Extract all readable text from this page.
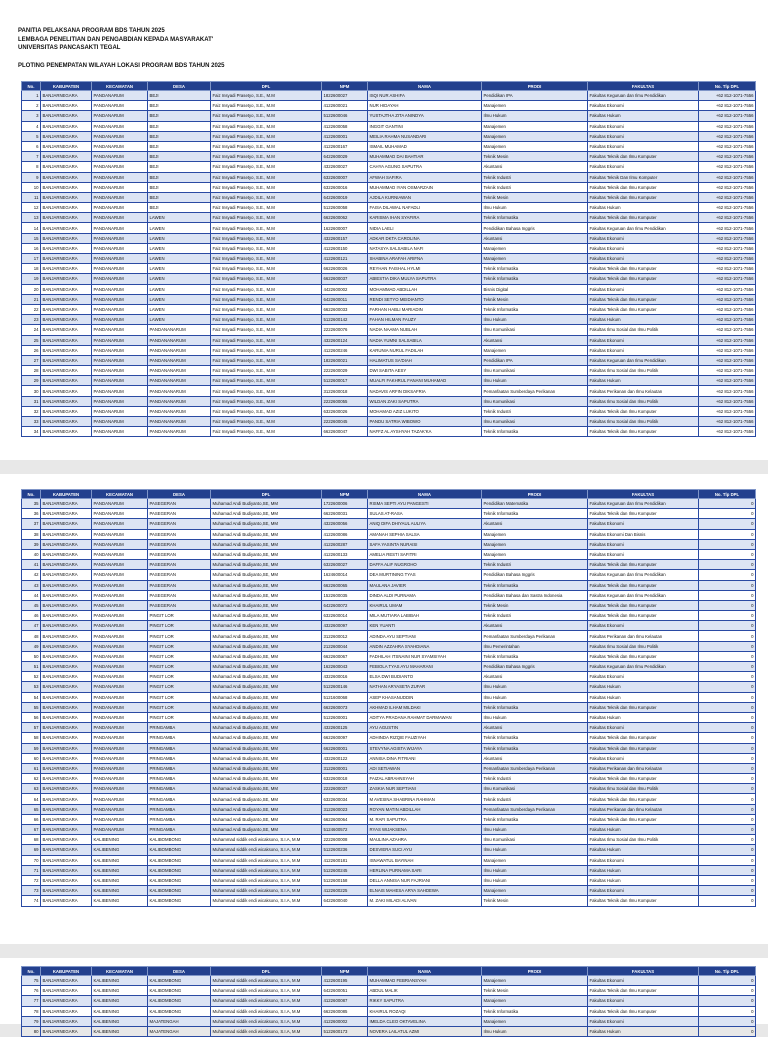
PANITIA PELAKSANA PROGRAM BDS TAHUN 2025
LEMBAGA PENELITIAN DAN PENGABDIAN KEPADA MASYARAKAT'
UNIVERSITAS PANCASAKTI TEGAL
PLOTING PENEMPATAN WILAYAH LOKASI PROGRAM BDS TAHUN 2025
No.	KABUPATEN	KECAMATAN	DESA	DPL	NPM	NAMA	PRODI	FAKULTAS	No. Tlp DPL
1	BANJARNEGARA	PANDANARUM	BEJI	Faiz Insyadi Prasetyo, S.E., M.M	1822600027	ISQI NUR ASHIFA	Pendidikan IPA	Fakultas Keguruan dan Ilmu Pendidikan	+62 812-1071-7556
2	BANJARNEGARA	PANDANARUM	BEJI	Faiz Insyadi Prasetyo, S.E., M.M	4122600021	NUR HIDAYAH	Manajemen	Fakultas Ekonomi	+62 812-1071-7556
3	BANJARNEGARA	PANDANARUM	BEJI	Faiz Insyadi Prasetyo, S.E., M.M	5122600046	YUSTAJTHA ZITA ANINDYA	Ilmu Hukum	Fakultas Hukum	+62 812-1071-7556
4	BANJARNEGARA	PANDANARUM	BEJI	Faiz Insyadi Prasetyo, S.E., M.M	4122600058	INGGIT GANTINI	Manajemen	Fakultas Ekonomi	+62 812-1071-7556
5	BANJARNEGARA	PANDANARUM	BEJI	Faiz Insyadi Prasetyo, S.E., M.M	4122600001	MEILIA RAHMA NUSANDARI	Manajemen	Fakultas Ekonomi	+62 812-1071-7556
6	BANJARNEGARA	PANDANARUM	BEJI	Faiz Insyadi Prasetyo, S.E., M.M	4122600167	ISMAIL MUHAMAD	Manajemen	Fakultas Ekonomi	+62 812-1071-7556
7	BANJARNEGARA	PANDANARUM	BEJI	Faiz Insyadi Prasetyo, S.E., M.M	6422600029	MUHAMMAD DAI BAHTIAR	Teknik Mesin	Fakultas Teknik dan Ilmu Komputer	+62 812-1071-7556
8	BANJARNEGARA	PANDANARUM	BEJI	Faiz Insyadi Prasetyo, S.E., M.M	4322600027	CAHYA AGUNG SAPUTRA	Akuntansi	Fakultas Ekonomi	+62 812-1071-7556
9	BANJARNEGARA	PANDANARUM	BEJI	Faiz Insyadi Prasetyo, S.E., M.M	6322600007	AFWAH SAFIRA	Teknik Industri	Fakultas Teknik Dan Ilmu Komputer	+62 812-1071-7556
10	BANJARNEGARA	PANDANARUM	BEJI	Faiz Insyadi Prasetyo, S.E., M.M	6322600016	MUHAMMAD IYAN OSMARZAIN	Teknik Industri	Fakultas Teknik dan Ilmu Komputer	+62 812-1071-7556
11	BANJARNEGARA	PANDANARUM	BEJI	Faiz Insyadi Prasetyo, S.E., M.M	6422600019	AJDILA KURNIAWAN	Teknik Mesin	Fakultas Teknik dan Ilmu Komputer	+62 812-1071-7556
12	BANJARNEGARA	PANDANARUM	BEJI	Faiz Insyadi Prasetyo, S.E., M.M	5122600058	FAISA DILAWAL NAFADLI	Ilmu Hukum	Fakultas Hukum	+62 812-1071-7556
13	BANJARNEGARA	PANDANARUM	LAWEN	Faiz Insyadi Prasetyo, S.E., M.M	6622600062	KARISMA IHAN SYAFIRA	Teknik Informatika	Fakultas Teknik dan Ilmu Komputer	+62 812-1071-7556
14	BANJARNEGARA	PANDANARUM	LAWEN	Faiz Insyadi Prasetyo, S.E., M.M	1622600007	NIDIA LAELI	Pendidikan Bahasa Inggris	Fakultas Keguruan dan Ilmu Pendidikan	+62 812-1071-7556
15	BANJARNEGARA	PANDANARUM	LAWEN	Faiz Insyadi Prasetyo, S.E., M.M	4322600157	ADKAR DKTA CAROLINA	Akuntansi	Fakultas Ekonomi	+62 812-1071-7556
16	BANJARNEGARA	PANDANARUM	LAWEN	Faiz Insyadi Prasetyo, S.E., M.M	4122600150	NATASYA SALSABILA NAFI	Manajemen	Fakultas Ekonomi	+62 812-1071-7556
17	BANJARNEGARA	PANDANARUM	LAWEN	Faiz Insyadi Prasetyo, S.E., M.M	4122600121	SHABINA ARAFAH ARIFNA	Manajemen	Fakultas Ekonomi	+62 812-1071-7556
18	BANJARNEGARA	PANDANARUM	LAWEN	Faiz Insyadi Prasetyo, S.E., M.M	6622600026	REYHAN FAISHAL HYLMI	Teknik Informatika	Fakultas Teknik dan Ilmu Komputer	+62 812-1071-7556
19	BANJARNEGARA	PANDANARUM	LAWEN	Faiz Insyadi Prasetyo, S.E., M.M	6622600037	ABIESTIA DIKA MULYA SAPUTRA	Teknik Informatika	Fakultas Teknik dan Ilmu Komputer	+62 812-1071-7556
20	BANJARNEGARA	PANDANARUM	LAWEN	Faiz Insyadi Prasetyo, S.E., M.M	4422600002	MOHAMMAD ABDILLAH	Bisnis Digital	Fakultas Ekonomi	+62 812-1071-7556
21	BANJARNEGARA	PANDANARUM	LAWEN	Faiz Insyadi Prasetyo, S.E., M.M	6422600011	RENDI SETYO MEIDIANTO	Teknik Mesin	Fakultas Teknik dan Ilmu Komputer	+62 812-1071-7556
22	BANJARNEGARA	PANDANARUM	LAWEN	Faiz Insyadi Prasetyo, S.E., M.M	6622600033	FARHAN HABLI MARIADIN	Teknik Informatika	Fakultas Teknik dan Ilmu Komputer	+62 812-1071-7556
23	BANJARNEGARA	PANDANARUM	LAWEN	Faiz Insyadi Prasetyo, S.E., M.M	5122600142	FAHAN HILMAN FAUZY	Ilmu Hukum	Fakultas Hukum	+62 812-1071-7556
24	BANJARNEGARA	PANDANARUM	PANDANANARUM	Faiz Insyadi Prasetyo, S.E., M.M	2222600076	NADIA NAAMA NUBLAH	Ilmu Komunikasi	Fakultas Ilmu Sosial dan Ilmu Politik	+62 812-1071-7556
25	BANJARNEGARA	PANDANARUM	PANDANANARUM	Faiz Insyadi Prasetyo, S.E., M.M	4322600124	NADIA YUMNI SALSABILA	Akuntansi	Fakultas Ekonomi	+62 812-1071-7556
26	BANJARNEGARA	PANDANARUM	PANDANANARUM	Faiz Insyadi Prasetyo, S.E., M.M	4122600246	KARUNIA NURUL FADILAH	Manajemen	Fakultas Ekonomi	+62 812-1071-7556
27	BANJARNEGARA	PANDANARUM	PANDANANARUM	Faiz Insyadi Prasetyo, S.E., M.M	1822600021	HALIMATUS SA'DIAH	Pendidikan IPA	Fakultas Keguruan dan Ilmu Pendidikan	+62 812-1071-7556
28	BANJARNEGARA	PANDANARUM	PANDANANARUM	Faiz Insyadi Prasetyo, S.E., M.M	2222600029	DWI SABITA AESY	Ilmu Komunikasi	Fakultas Ilmu Sosial dan Ilmu Politik	+62 812-1071-7556
29	BANJARNEGARA	PANDANARUM	PANDANANARUM	Faiz Insyadi Prasetyo, S.E., M.M	5122600017	MUALFI FAKHRUL FANANI MUHAMAD	Ilmu Hukum	Fakultas Hukum	+62 812-1071-7556
30	BANJARNEGARA	PANDANARUM	PANDANANARUM	Faiz Insyadi Prasetyo, S.E., M.M	3122600018	NADAVIS ARFIN DIKSAFRIA	Pemanfaatan Sumberdaya Perikanan	Fakultas Perikanan dan Ilmu Kelautan	+62 812-1071-7556
31	BANJARNEGARA	PANDANARUM	PANDANANARUM	Faiz Insyadi Prasetyo, S.E., M.M	2222600055	WILDAN ZAKI SAPUTRA	Ilmu Komunikasi	Fakultas Ilmu Sosial dan Ilmu Politik	+62 812-1071-7556
32	BANJARNEGARA	PANDANARUM	PANDANANARUM	Faiz Insyadi Prasetyo, S.E., M.M	6322600026	MOHAMAD AZIZ LUKITO	Teknik Industri	Fakultas Teknik dan Ilmu Komputer	+62 812-1071-7556
33	BANJARNEGARA	PANDANARUM	PANDANANARUM	Faiz Insyadi Prasetyo, S.E., M.M	2222600045	PANDU SATRIA WIBOWO	Ilmu Komunikasi	Fakultas Ilmu Sosial dan Ilmu Politik	+62 812-1071-7556
34	BANJARNEGARA	PANDANARUM	PANDANANARUM	Faiz Insyadi Prasetyo, S.E., M.M	6622600047	NAFFZ AL AYSHYAH TAZAK'KA	Teknik Informatika	Fakultas Teknik dan Ilmu Komputer	+62 812-1071-7556
No.	KABUPATEN	KECAMATAN	DESA	DPL	NPM	NAMA	PRODI	FAKULTAS	No. Tlp DPL
35	BANJARNEGARA	PANDANARUM	PASEGERAN	Muhamad Andi Budiyanto,SE, MM	1722600006	RISMA SEPTI AYU PANGESTI	Pendidikan Matematika	Fakultas Keguruan dan Ilmu Pendidikan	0
36	BANJARNEGARA	PANDANARUM	PASEGERAN	Muhamad Andi Budiyanto,SE, MM	6622600031	SULAS AT-RASA	Teknik Informatika	Fakultas Teknik dan Ilmu Komputer	0
37	BANJARNEGARA	PANDANARUM	PASEGERAN	Muhamad Andi Budiyanto,SE, MM	4322600056	ANIQ DIFA DHIYAUL AULIYA	Akuntansi	Fakultas Ekonomi	0
38	BANJARNEGARA	PANDANARUM	PASEGERAN	Muhamad Andi Budiyanto,SE, MM	4122600086	AMANAH SEPHIA SALSA	Manajemen	Fakultas Ekonomi Dan Bisnis	0
39	BANJARNEGARA	PANDANARUM	PASEGERAN	Muhamad Andi Budiyanto,SE, MM	4122600287	SAFA YASINTA NURAISI	Manajemen	Fakultas Ekonomi	0
40	BANJARNEGARA	PANDANARUM	PASEGERAN	Muhamad Andi Budiyanto,SE, MM	4122600133	AMELIA RESTI SAFITRI	Manajemen	Fakultas Ekonomi	0
41	BANJARNEGARA	PANDANARUM	PASEGERAN	Muhamad Andi Budiyanto,SE, MM	6322600027	DAFFA ALIF NUGROHO	Teknik Industri	Fakultas Teknik dan Ilmu Komputer	0
42	BANJARNEGARA	PANDANARUM	PASEGERAN	Muhamad Andi Budiyanto,SE, MM	1624600014	DEA MURTINING TYAS	Pendidikan Bahasa Inggris	Fakultas Keguruan dan Ilmu Pendidikan	0
43	BANJARNEGARA	PANDANARUM	PASEGERAN	Muhamad Andi Budiyanto,SE, MM	6622600065	MAULANA JAVIER	Teknik Informatika	Fakultas Teknik dan Ilmu Komputer	0
44	BANJARNEGARA	PANDANARUM	PASEGERAN	Muhamad Andi Budiyanto,SE, MM	1522600035	DINDA ALDI PURNAMA	Pendidikan Bahasa dan Sastra Indonesia	Fakultas Keguruan dan Ilmu Pendidikan	0
45	BANJARNEGARA	PANDANARUM	PASEGERAN	Muhamad Andi Budiyanto,SE, MM	6422600072	KHAIRUL UMAM	Teknik Mesin	Fakultas Teknik dan Ilmu Komputer	0
46	BANJARNEGARA	PANDANARUM	PINGIT LOR	Muhamad Andi Budiyanto,SE, MM	6322600014	MILA MUTIARA LABIBAH	Teknik Industri	Fakultas Teknik dan Ilmu Komputer	0
47	BANJARNEGARA	PANDANARUM	PINGIT LOR	Muhamad Andi Budiyanto,SE, MM	4322600097	KEN YUANTI	Akuntansi	Fakultas Ekonomi	0
48	BANJARNEGARA	PANDANARUM	PINGIT LOR	Muhamad Andi Budiyanto,SE, MM	3122600012	ADINDA AYU SEPTIANI	Pemanfaatan Sumberdaya Perikanan	Fakultas Perikanan dan Ilmu Kelautan	0
49	BANJARNEGARA	PANDANARUM	PINGIT LOR	Muhamad Andi Budiyanto,SE, MM	2122600044	ANDIN AZZAHRA SYAHDIANA	Ilmu Pemerintahan	Fakultas Ilmu Sosial dan Ilmu Politik	0
50	BANJARNEGARA	PANDANARUM	PINGIT LOR	Muhamad Andi Budiyanto,SE, MM	6622600067	FADHILAH ITSNAINI NUR SYAMSIYAH	Teknik Informatika	Fakultas Teknik dan Ilmu Komputer	0
51	BANJARNEGARA	PANDANARUM	PINGIT LOR	Muhamad Andi Budiyanto,SE, MM	1622600043	FEBIOLA TYAS AYU MAHARANI	Pendidikan Bahasa Inggris	Fakultas Keguruan dan Ilmu Pendidikan	0
52	BANJARNEGARA	PANDANARUM	PINGIT LOR	Muhamad Andi Budiyanto,SE, MM	4322600016	ELSA DWI BUDIANTO	Akuntansi	Fakultas Ekonomi	0
53	BANJARNEGARA	PANDANARUM	PINGIT LOR	Muhamad Andi Budiyanto,SE, MM	5122600146	NATHAN ARYASETA ZUFAR	Ilmu Hukum	Fakultas Hukum	0
54	BANJARNEGARA	PANDANARUM	PINGIT LOR	Muhamad Andi Budiyanto,SE, MM	5121600068	ASEP KHASANUDDIN	Ilmu Hukum	Fakultas Hukum	0
55	BANJARNEGARA	PANDANARUM	PINGIT LOR	Muhamad Andi Budiyanto,SE, MM	6622600073	AKHMAD ILHAM MILDAKI	Teknik Informatika	Fakultas Teknik dan Ilmu Komputer	0
56	BANJARNEGARA	PANDANARUM	PINGIT LOR	Muhamad Andi Budiyanto,SE, MM	5122600001	ADITYA PRADANA RAHMAT DARMAWAN	Ilmu Hukum	Fakultas Hukum	0
57	BANJARNEGARA	PANDANARUM	PRINGAMBA	Muhamad Andi Budiyanto,SE, MM	4322600125	AYU AGUSTIN	Akuntansi	Fakultas Ekonomi	0
58	BANJARNEGARA	PANDANARUM	PRINGAMBA	Muhamad Andi Budiyanto,SE, MM	6622600097	ADHINDA RIZQIE FAUZIYAH	Teknik Informatika	Fakultas Teknik dan Ilmu Komputer	0
59	BANJARNEGARA	PANDANARUM	PRINGAMBA	Muhamad Andi Budiyanto,SE, MM	6622600001	STEVYNA AGISTA WIJAYA	Teknik Informatika	Fakultas Teknik dan Ilmu Komputer	0
60	BANJARNEGARA	PANDANARUM	PRINGAMBA	Muhamad Andi Budiyanto,SE, MM	4322600122	ANNISA DINA FITRIANI	Akuntansi	Fakultas Ekonomi	0
61	BANJARNEGARA	PANDANARUM	PRINGAMBA	Muhamad Andi Budiyanto,SE, MM	3122600001	ADI SETIAWAN	Pemanfaatan Sumberdaya Perikanan	Fakultas Perikanan dan Ilmu Kelautan	0
62	BANJARNEGARA	PANDANARUM	PRINGAMBA	Muhamad Andi Budiyanto,SE, MM	6322600018	FAIZAL ABRAHNSYAH	Teknik Industri	Fakultas Teknik dan Ilmu Komputer	0
63	BANJARNEGARA	PANDANARUM	PRINGAMBA	Muhamad Andi Budiyanto,SE, MM	2222600037	ZASKIA NUR SEPTIANI	Ilmu Komunikasi	Fakultas Ilmu Sosial dan Ilmu Politik	0
64	BANJARNEGARA	PANDANARUM	PRINGAMBA	Muhamad Andi Budiyanto,SE, MM	6322600034	M AVESINA SHABRINA RAHMAN	Teknik Industri	Fakultas Teknik dan Ilmu Komputer	0
65	BANJARNEGARA	PANDANARUM	PRINGAMBA	Muhamad Andi Budiyanto,SE, MM	3122600023	ROYAN MATIN ABDILLAH	Pemanfaatan Sumberdaya Perikanan	Fakultas Perikanan dan Ilmu Kelautan	0
66	BANJARNEGARA	PANDANARUM	PRINGAMBA	Muhamad Andi Budiyanto,SE, MM	6622600064	M. RAFI SAPUTRA	Teknik Informatika	Fakultas Teknik dan Ilmu Komputer	0
67	BANJARNEGARA	PANDANARUM	PRINGAMBA	Muhamad Andi Budiyanto,SE, MM	5124600572	RYAS WIJAKSENA	Ilmu Hukum	Fakultas Hukum	0
68	BANJARNEGARA	KALIBENING	KALIBOMBONG	Muhammad siddik endi wicaksono, S.I.A, M.M	2222600008	MAULINA AZAHRA	Ilmu Komunikasi	Fakultas Ilmu Sosial dan Ilmu Politik	0
69	BANJARNEGARA	KALIBENING	KALIBOMBONG	Muhammad siddik endi wicaksono, S.I.A, M.M	5122600236	DESVIERA SUCI AYU	Ilmu Hukum	Fakultas Hukum	0
70	BANJARNEGARA	KALIBENING	KALIBOMBONG	Muhammad siddik endi wicaksono, S.I.A, M.M	4122600181	ISNAWATUL BAYINAH	Manajemen	Fakultas Ekonomi	0
71	BANJARNEGARA	KALIBENING	KALIBOMBONG	Muhammad siddik endi wicaksono, S.I.A, M.M	5122600245	HERLINA PURNAMA SARI	Ilmu Hukum	Fakultas Hukum	0
72	BANJARNEGARA	KALIBENING	KALIBOMBONG	Muhammad siddik endi wicaksono, S.I.A, M.M	5122600158	DELLA ANNISA NUR FAJRIANI	Ilmu Hukum	Fakultas Hukum	0
73	BANJARNEGARA	KALIBENING	KALIBOMBONG	Muhammad siddik endi wicaksono, S.I.A, M.M	4122600225	ELNAIS MAHESA ARYA SAHDEWA	Manajemen	Fakultas Ekonomi	0
74	BANJARNEGARA	KALIBENING	KALIBOMBONG	Muhammad siddik endi wicaksono, S.I.A, M.M	6422600040	M. ZAKI MILADI ALIVAN	Teknik Mesin	Fakultas Teknik dan Ilmu Komputer	0
No.	KABUPATEN	KECAMATAN	DESA	DPL	NPM	NAMA	PRODI	FAKULTAS	No. Tlp DPL
75	BANJARNEGARA	KALIBENING	KALIBOMBONG	Muhammad siddik endi wicaksono, S.I.A, M.M	4122600195	MUHAMMAD FEBRIANSYAH	Manajemen	Fakultas Ekonomi	0
76	BANJARNEGARA	KALIBENING	KALIBOMBONG	Muhammad siddik endi wicaksono, S.I.A, M.M	6422600051	ABDUL MALIK	Teknik Mesin	Fakultas Teknik dan Ilmu Komputer	0
77	BANJARNEGARA	KALIBENING	KALIBOMBONG	Muhammad siddik endi wicaksono, S.I.A, M.M	4122600087	RIKKY SAPUTRA	Manajemen	Fakultas Ekonomi	0
78	BANJARNEGARA	KALIBENING	KALIBOMBONG	Muhammad siddik endi wicaksono, S.I.A, M.M	6622600085	KHAIRUL ROZAQI	Teknik Informatika	Fakultas Teknik dan Ilmu Komputer	0
79	BANJARNEGARA	KALIBENING	MAJATENGAH	Muhammad siddik endi wicaksono, S.I.A, M.M	4122600002	IMELDA CLEO OKTAVELINA	Manajemen	Fakultas Ekonomi	0
80	BANJARNEGARA	KALIBENING	MAJATENGAH	Muhammad siddik endi wicaksono, S.I.A, M.M	5122600173	NOVERA LAILATUL AZMI	Ilmu Hukum	Fakultas Hukum	0
